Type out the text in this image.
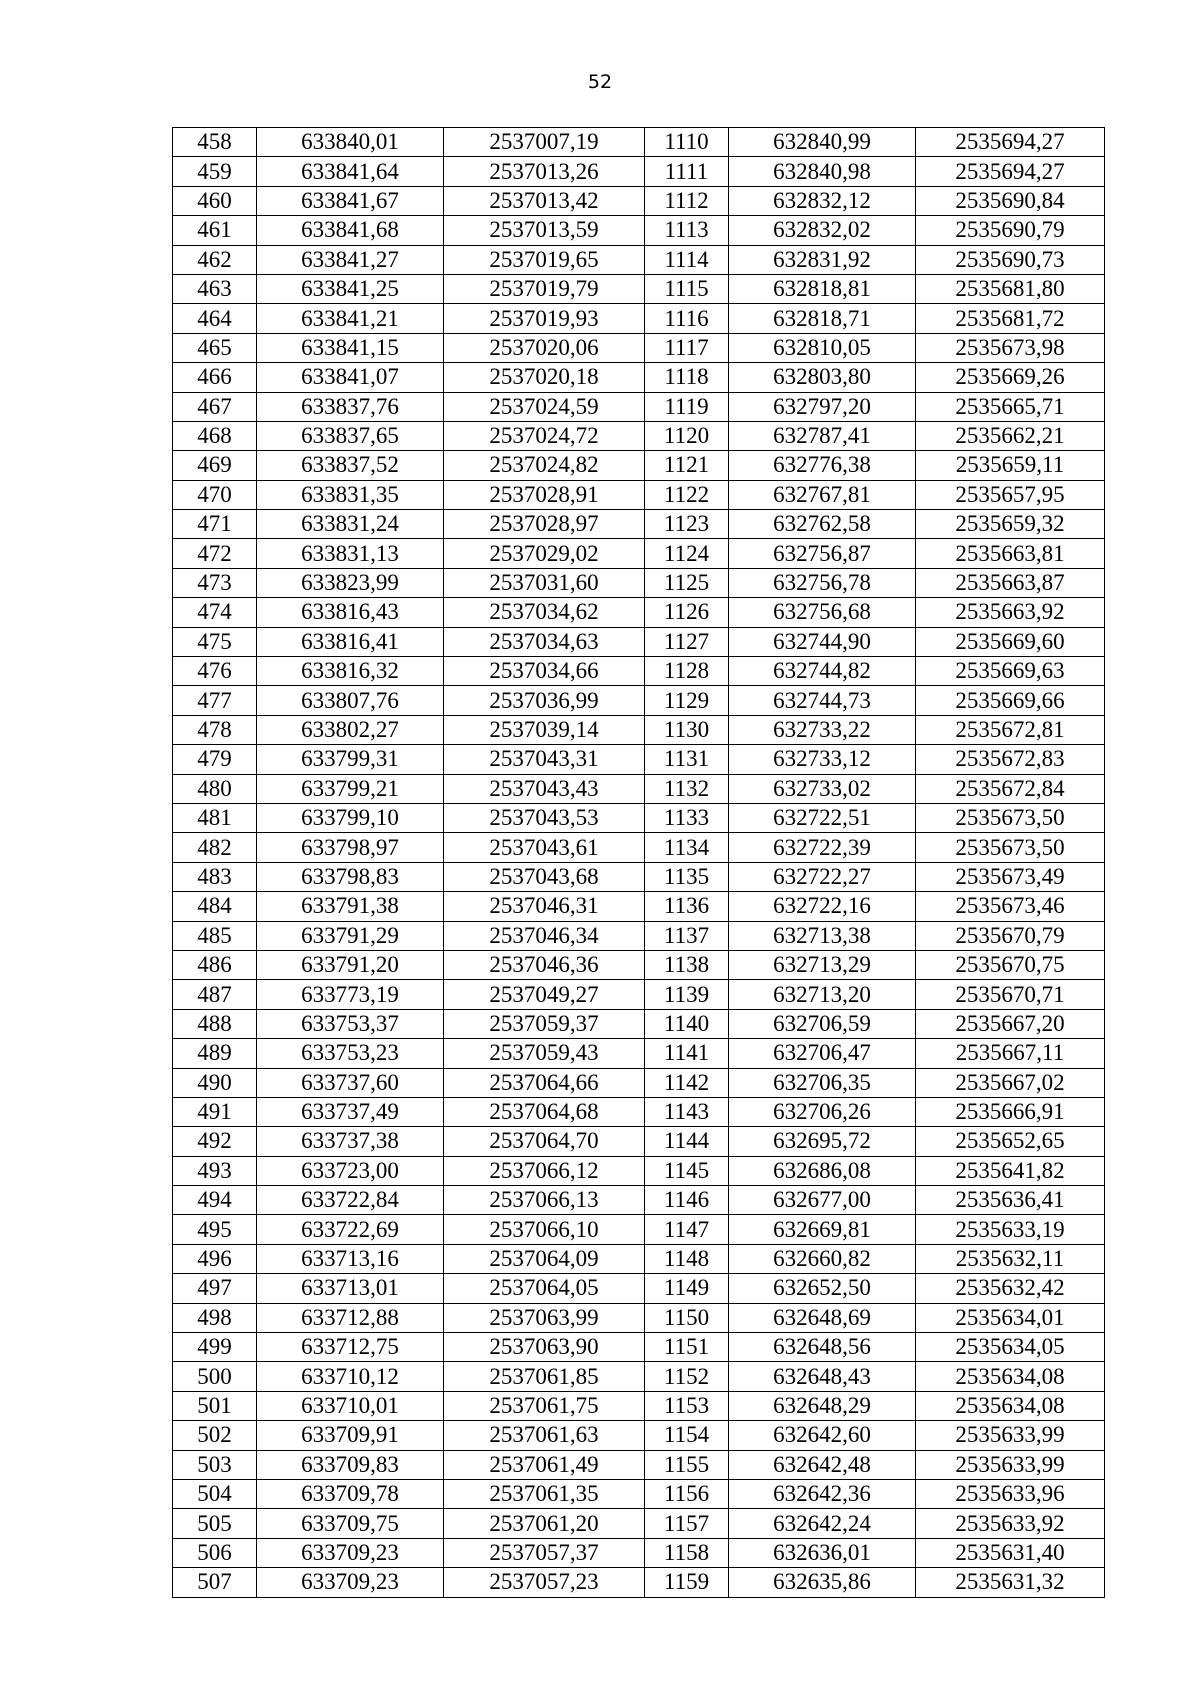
52
458	633840,01	2537007,19	1110	632840,99	2535694,27
459	633841,64	2537013,26	1111	632840,98	2535694,27
460	633841,67	2537013,42	1112	632832,12	2535690,84
461	633841,68	2537013,59	1113	632832,02	2535690,79
462	633841,27	2537019,65	1114	632831,92	2535690,73
463	633841,25	2537019,79	1115	632818,81	2535681,80
464	633841,21	2537019,93	1116	632818,71	2535681,72
465	633841,15	2537020,06	1117	632810,05	2535673,98
466	633841,07	2537020,18	1118	632803,80	2535669,26
467	633837,76	2537024,59	1119	632797,20	2535665,71
468	633837,65	2537024,72	1120	632787,41	2535662,21
469	633837,52	2537024,82	1121	632776,38	2535659,11
470	633831,35	2537028,91	1122	632767,81	2535657,95
471	633831,24	2537028,97	1123	632762,58	2535659,32
472	633831,13	2537029,02	1124	632756,87	2535663,81
473	633823,99	2537031,60	1125	632756,78	2535663,87
474	633816,43	2537034,62	1126	632756,68	2535663,92
475	633816,41	2537034,63	1127	632744,90	2535669,60
476	633816,32	2537034,66	1128	632744,82	2535669,63
477	633807,76	2537036,99	1129	632744,73	2535669,66
478	633802,27	2537039,14	1130	632733,22	2535672,81
479	633799,31	2537043,31	1131	632733,12	2535672,83
480	633799,21	2537043,43	1132	632733,02	2535672,84
481	633799,10	2537043,53	1133	632722,51	2535673,50
482	633798,97	2537043,61	1134	632722,39	2535673,50
483	633798,83	2537043,68	1135	632722,27	2535673,49
484	633791,38	2537046,31	1136	632722,16	2535673,46
485	633791,29	2537046,34	1137	632713,38	2535670,79
486	633791,20	2537046,36	1138	632713,29	2535670,75
487	633773,19	2537049,27	1139	632713,20	2535670,71
488	633753,37	2537059,37	1140	632706,59	2535667,20
489	633753,23	2537059,43	1141	632706,47	2535667,11
490	633737,60	2537064,66	1142	632706,35	2535667,02
491	633737,49	2537064,68	1143	632706,26	2535666,91
492	633737,38	2537064,70	1144	632695,72	2535652,65
493	633723,00	2537066,12	1145	632686,08	2535641,82
494	633722,84	2537066,13	1146	632677,00	2535636,41
495	633722,69	2537066,10	1147	632669,81	2535633,19
496	633713,16	2537064,09	1148	632660,82	2535632,11
497	633713,01	2537064,05	1149	632652,50	2535632,42
498	633712,88	2537063,99	1150	632648,69	2535634,01
499	633712,75	2537063,90	1151	632648,56	2535634,05
500	633710,12	2537061,85	1152	632648,43	2535634,08
501	633710,01	2537061,75	1153	632648,29	2535634,08
502	633709,91	2537061,63	1154	632642,60	2535633,99
503	633709,83	2537061,49	1155	632642,48	2535633,99
504	633709,78	2537061,35	1156	632642,36	2535633,96
505	633709,75	2537061,20	1157	632642,24	2535633,92
506	633709,23	2537057,37	1158	632636,01	2535631,40
507	633709,23	2537057,23	1159	632635,86	2535631,32
